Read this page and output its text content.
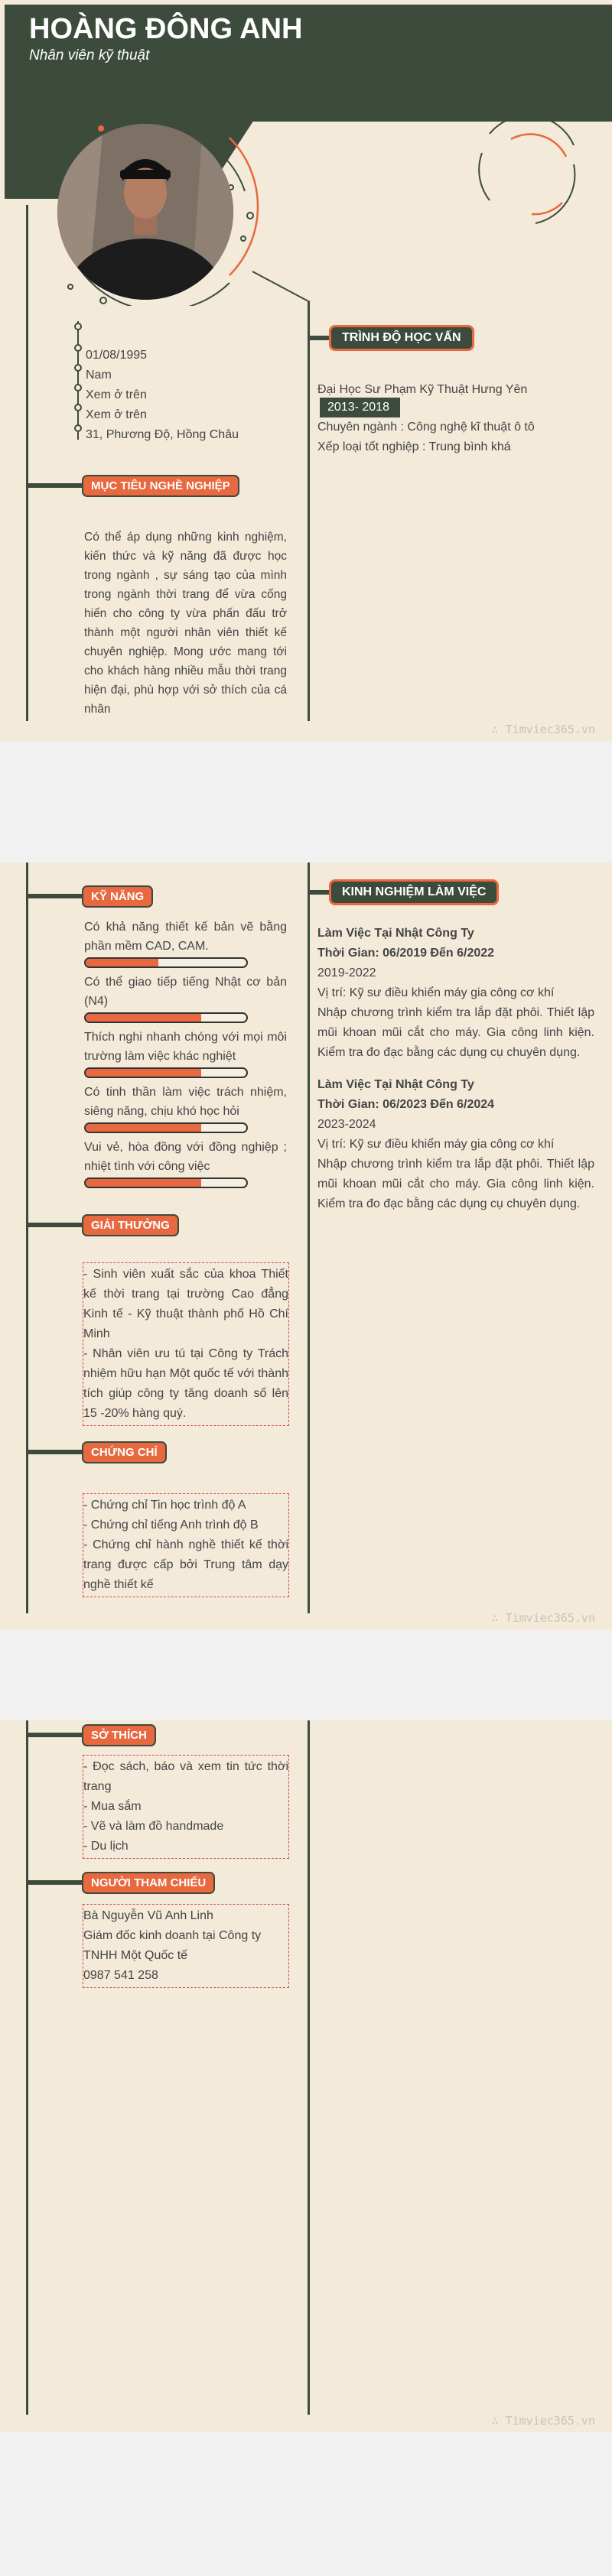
HOÀNG ĐÔNG ANH
Nhân viên kỹ thuật
01/08/1995
Nam
Xem ở trên
Xem ở trên
31, Phương Độ, Hồng Châu
MỤC TIÊU NGHỀ NGHIỆP
Có thể áp dụng những kinh nghiệm, kiến thức và kỹ năng đã được học trong ngành , sự sáng tạo của mình trong ngành thời trang để vừa cống hiến cho công ty vừa phấn đấu trở thành một người nhân viên thiết kế chuyên nghiệp. Mong ước mang tới cho khách hàng nhiều mẫu thời trang hiện đại, phù hợp với sở thích của cá nhân
TRÌNH ĐỘ HỌC VẤN
Đại Học Sư Phạm Kỹ Thuật Hưng Yên
2013- 2018
Chuyên ngành : Công nghệ kĩ thuật ô tô
Xếp loại tốt nghiệp : Trung bình khá
∴ Timviec365.vn
KỸ NĂNG
Có khả năng thiết kế bản vẽ bằng phần mềm CAD, CAM.
Có thể giao tiếp tiếng Nhật cơ bản (N4)
Thích nghi nhanh chóng với mọi môi trường làm việc khác nghiệt
Có tinh thần làm việc trách nhiệm, siêng năng, chịu khó học hỏi
Vui vẻ, hòa đồng với đồng nghiệp ; nhiệt tình với công việc
KINH NGHIỆM LÀM VIỆC
Làm Việc Tại Nhật Công Ty
Thời Gian: 06/2019 Đến 6/2022
2019-2022
Vị trí: Kỹ sư điều khiển máy gia công cơ khí
Nhập chương trình kiểm tra lắp đặt phôi. Thiết lập mũi khoan mũi cắt cho máy. Gia công linh kiện. Kiểm tra đo đạc bằng các dụng cụ chuyên dụng.
Làm Việc Tại Nhật Công Ty
Thời Gian: 06/2023 Đến 6/2024
2023-2024
Vị trí: Kỹ sư điều khiển máy gia công cơ khí
Nhập chương trình kiểm tra lắp đặt phôi. Thiết lập mũi khoan mũi cắt cho máy. Gia công linh kiện. Kiểm tra đo đạc bằng các dụng cụ chuyên dụng.
GIẢI THƯỞNG
- Sinh viên xuất sắc của khoa Thiết kế thời trang tại trường Cao đẳng Kinh tế - Kỹ thuật thành phố Hồ Chí Minh
- Nhân viên ưu tú tại Công ty Trách nhiệm hữu hạn Một quốc tế với thành tích giúp công ty tăng doanh số lên 15 -20% hàng quý.
CHỨNG CHỈ
- Chứng chỉ Tin học trình độ A
- Chứng chỉ tiếng Anh trình độ B
- Chứng chỉ hành nghề thiết kế thời trang được cấp bởi Trung tâm dạy nghề thiết kế
∴ Timviec365.vn
SỞ THÍCH
- Đọc sách, báo và xem tin tức thời trang
- Mua sắm
- Vẽ và làm đồ handmade
- Du lịch
NGƯỜI THAM CHIẾU
Bà Nguyễn Vũ Anh Linh
Giám đốc kinh doanh tại Công ty TNHH Một Quốc tế
0987 541 258
∴ Timviec365.vn
